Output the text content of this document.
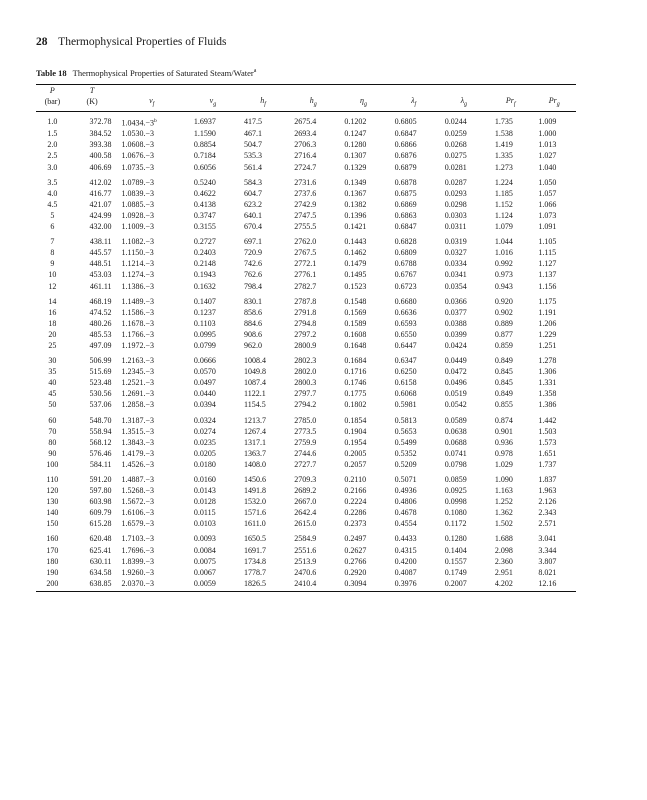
28 Thermophysical Properties of Fluids
Table 18 Thermophysical Properties of Saturated Steam/Water$^a$
P	T									
(bar)	(K)	$v_f$	$v_g$	$h_f$	$h_g$	$\eta_g$	$\lambda_f$	$\lambda_g$	$Pr_f$	$Pr_g$
1.0	372.78	$1.0434.-3^b$	1.6937	417.5	2675.4	0.1202	0.6805	0.0244	1.735	1.009
1.5	384.52	1.0530.−3	1.1590	467.1	2693.4	0.1247	0.6847	0.0259	1.538	1.000
2.0	393.38	1.0608.−3	0.8854	504.7	2706.3	0.1280	0.6866	0.0268	1.419	1.013
2.5	400.58	1.0676.−3	0.7184	535.3	2716.4	0.1307	0.6876	0.0275	1.335	1.027
3.0	406.69	1.0735.−3	0.6056	561.4	2724.7	0.1329	0.6879	0.0281	1.273	1.040
3.5	412.02	1.0789.−3	0.5240	584.3	2731.6	0.1349	0.6878	0.0287	1.224	1.050
4.0	416.77	1.0839.−3	0.4622	604.7	2737.6	0.1367	0.6875	0.0293	1.185	1.057
4.5	421.07	1.0885.−3	0.4138	623.2	2742.9	0.1382	0.6869	0.0298	1.152	1.066
5	424.99	1.0928.−3	0.3747	640.1	2747.5	0.1396	0.6863	0.0303	1.124	1.073
6	432.00	1.1009.−3	0.3155	670.4	2755.5	0.1421	0.6847	0.0311	1.079	1.091
7	438.11	1.1082.−3	0.2727	697.1	2762.0	0.1443	0.6828	0.0319	1.044	1.105
8	445.57	1.1150.−3	0.2403	720.9	2767.5	0.1462	0.6809	0.0327	1.016	1.115
9	448.51	1.1214.−3	0.2148	742.6	2772.1	0.1479	0.6788	0.0334	0.992	1.127
10	453.03	1.1274.−3	0.1943	762.6	2776.1	0.1495	0.6767	0.0341	0.973	1.137
12	461.11	1.1386.−3	0.1632	798.4	2782.7	0.1523	0.6723	0.0354	0.943	1.156
14	468.19	1.1489.−3	0.1407	830.1	2787.8	0.1548	0.6680	0.0366	0.920	1.175
16	474.52	1.1586.−3	0.1237	858.6	2791.8	0.1569	0.6636	0.0377	0.902	1.191
18	480.26	1.1678.−3	0.1103	884.6	2794.8	0.1589	0.6593	0.0388	0.889	1.206
20	485.53	1.1766.−3	0.0995	908.6	2797.2	0.1608	0.6550	0.0399	0.877	1.229
25	497.09	1.1972.−3	0.0799	962.0	2800.9	0.1648	0.6447	0.0424	0.859	1.251
30	506.99	1.2163.−3	0.0666	1008.4	2802.3	0.1684	0.6347	0.0449	0.849	1.278
35	515.69	1.2345.−3	0.0570	1049.8	2802.0	0.1716	0.6250	0.0472	0.845	1.306
40	523.48	1.2521.−3	0.0497	1087.4	2800.3	0.1746	0.6158	0.0496	0.845	1.331
45	530.56	1.2691.−3	0.0440	1122.1	2797.7	0.1775	0.6068	0.0519	0.849	1.358
50	537.06	1.2858.−3	0.0394	1154.5	2794.2	0.1802	0.5981	0.0542	0.855	1.386
60	548.70	1.3187.−3	0.0324	1213.7	2785.0	0.1854	0.5813	0.0589	0.874	1.442
70	558.94	1.3515.−3	0.0274	1267.4	2773.5	0.1904	0.5653	0.0638	0.901	1.503
80	568.12	1.3843.−3	0.0235	1317.1	2759.9	0.1954	0.5499	0.0688	0.936	1.573
90	576.46	1.4179.−3	0.0205	1363.7	2744.6	0.2005	0.5352	0.0741	0.978	1.651
100	584.11	1.4526.−3	0.0180	1408.0	2727.7	0.2057	0.5209	0.0798	1.029	1.737
110	591.20	1.4887.−3	0.0160	1450.6	2709.3	0.2110	0.5071	0.0859	1.090	1.837
120	597.80	1.5268.−3	0.0143	1491.8	2689.2	0.2166	0.4936	0.0925	1.163	1.963
130	603.98	1.5672.−3	0.0128	1532.0	2667.0	0.2224	0.4806	0.0998	1.252	2.126
140	609.79	1.6106.−3	0.0115	1571.6	2642.4	0.2286	0.4678	0.1080	1.362	2.343
150	615.28	1.6579.−3	0.0103	1611.0	2615.0	0.2373	0.4554	0.1172	1.502	2.571
160	620.48	1.7103.−3	0.0093	1650.5	2584.9	0.2497	0.4433	0.1280	1.688	3.041
170	625.41	1.7696.−3	0.0084	1691.7	2551.6	0.2627	0.4315	0.1404	2.098	3.344
180	630.11	1.8399.−3	0.0075	1734.8	2513.9	0.2766	0.4200	0.1557	2.360	3.807
190	634.58	1.9260.−3	0.0067	1778.7	2470.6	0.2920	0.4087	0.1749	2.951	8.021
200	638.85	2.0370.−3	0.0059	1826.5	2410.4	0.3094	0.3976	0.2007	4.202	12.16
